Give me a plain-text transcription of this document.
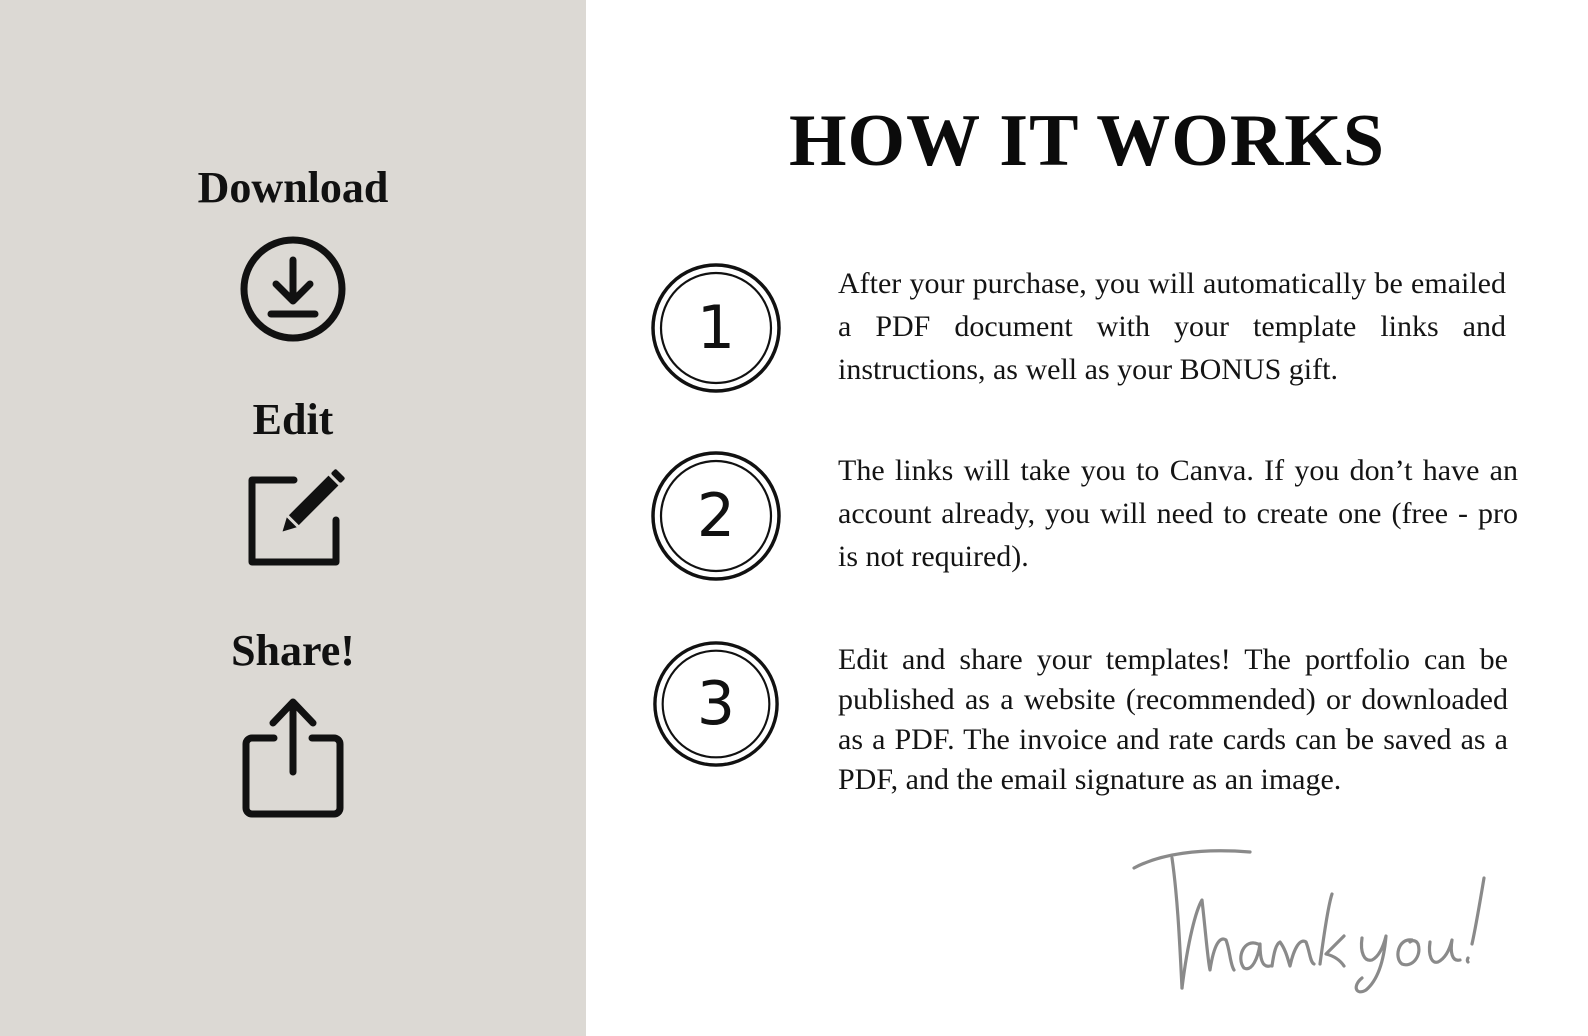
Download
Edit
Share!
HOW IT WORKS
1

After your purchase, you will automatically be emailed a PDF document with your template links and instructions, as well as your BONUS gift.

2

The links will take you to Canva. If you don’t have an account already, you will need to create one (free - pro is not required).

3

Edit and share your templates! The portfolio can be published as a website (recommended) or downloaded as a PDF. The invoice and rate cards can be saved as a PDF, and the email signature as an image.
